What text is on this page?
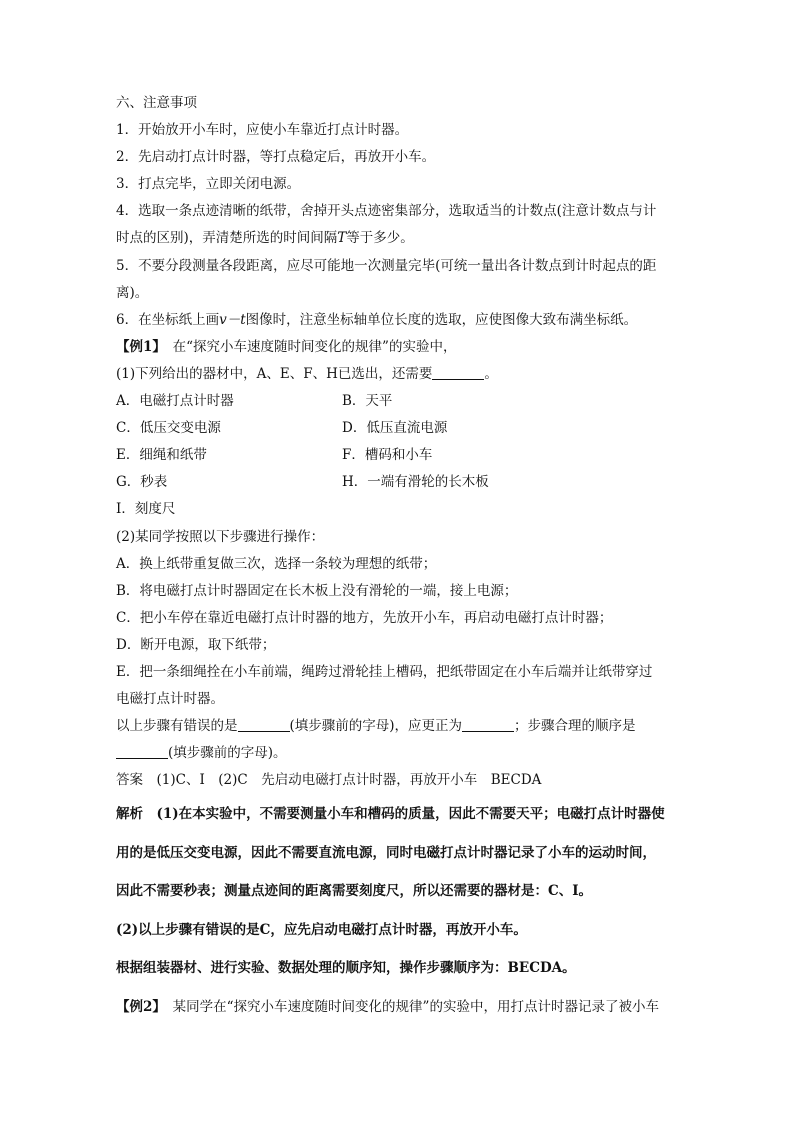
六、注意事项
1．开始放开小车时，应使小车靠近打点计时器。
2．先启动打点计时器，等打点稳定后，再放开小车。
3．打点完毕，立即关闭电源。
4．选取一条点迹清晰的纸带，舍掉开头点迹密集部分，选取适当的计数点(注意计数点与计
时点的区别)，弄清楚所选的时间间隔T等于多少。
5．不要分段测量各段距离，应尽可能地一次测量完毕(可统一量出各计数点到计时起点的距
离)。
6．在坐标纸上画v－t图像时，注意坐标轴单位长度的选取，应使图像大致布满坐标纸。
【例1】　 在“探究小车速度随时间变化的规律”的实验中，
(1)下列给出的器材中，A、E、F、H已选出，还需要	。
A．电磁打点计时器	B．天平
C．低压交变电源	D．低压直流电源
E．细绳和纸带	F．槽码和小车
G．秒表	H．一端有滑轮的长木板
I．刻度尺
(2)某同学按照以下步骤进行操作：
A．换上纸带重复做三次，选择一条较为理想的纸带；
B．将电磁打点计时器固定在长木板上没有滑轮的一端，接上电源；
C．把小车停在靠近电磁打点计时器的地方，先放开小车，再启动电磁打点计时器；
D．断开电源，取下纸带；
E．把一条细绳拴在小车前端，绳跨过滑轮挂上槽码，把纸带固定在小车后端并让纸带穿过
电磁打点计时器。
以上步骤有错误的是	(填步骤前的字母)，应更正为	；步骤合理的顺序是
(填步骤前的字母)。
答案　(1)C、I　(2)C　先启动电磁打点计时器，再放开小车　BECDA
解析　(1)在本实验中，不需要测量小车和槽码的质量，因此不需要天平；电磁打点计时器使
用的是低压交变电源，因此不需要直流电源，同时电磁打点计时器记录了小车的运动时间，
因此不需要秒表；测量点迹间的距离需要刻度尺，所以还需要的器材是：C、I。
(2)以上步骤有错误的是C，应先启动电磁打点计时器，再放开小车。
根据组装器材、进行实验、数据处理的顺序知，操作步骤顺序为：BECDA。
【例2】　 某同学在“探究小车速度随时间变化的规律”的实验中，用打点计时器记录了被小车
